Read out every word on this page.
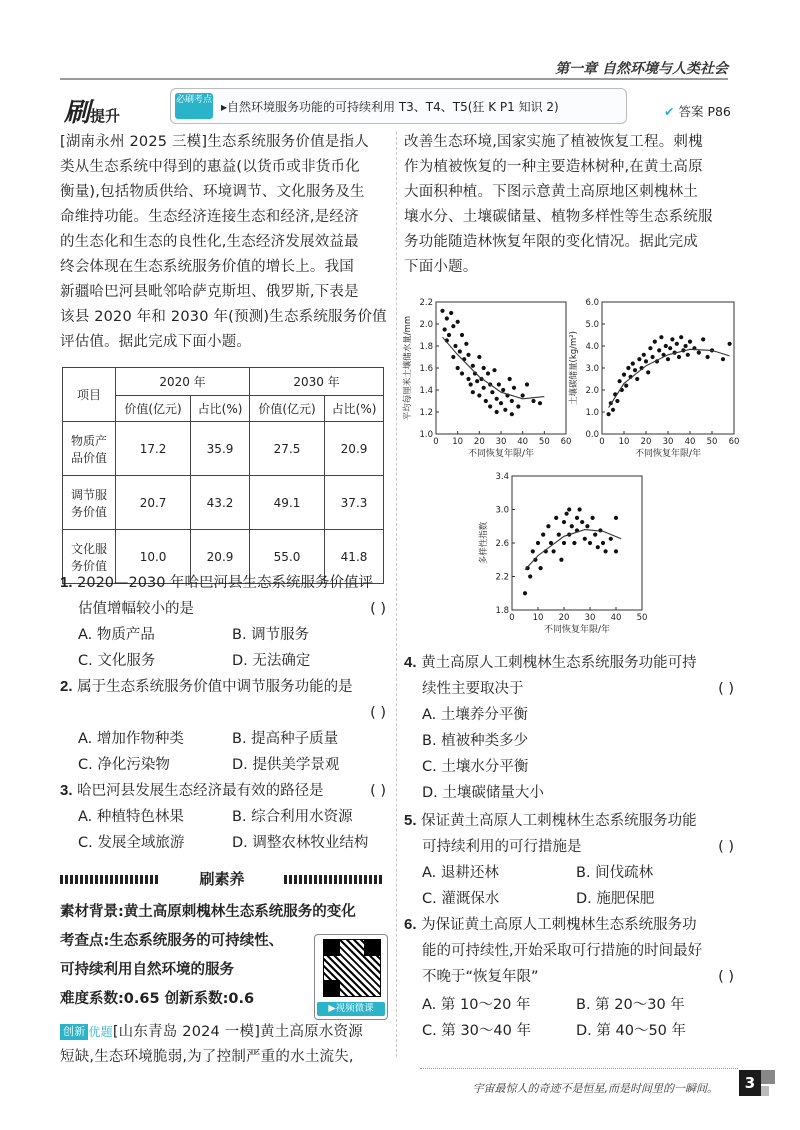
第一章 自然环境与人类社会
刷提升
必刷考点 ▸自然环境服务功能的可持续利用 T3、T4、T5(狂 K P1 知识 2)	✔ 答案 P86
[湖南永州 2025 三模]生态系统服务价值是指人
类从生态系统中得到的惠益(以货币或非货币化
衡量),包括物质供给、环境调节、文化服务及生
命维持功能。生态经济连接生态和经济,是经济
的生态化和生态的良性化,生态经济发展效益最
终会体现在生态系统服务价值的增长上。我国
新疆哈巴河县毗邻哈萨克斯坦、俄罗斯,下表是
该县 2020 年和 2030 年(预测)生态系统服务价值
评估值。据此完成下面小题。
项目	2020 年		2030 年	
	价值(亿元)	占比(%)	价值(亿元)	占比(%)
物质产
品价值	17.2	35.9	27.5	20.9
调节服
务价值	20.7	43.2	49.1	37.3
文化服
务价值	10.0	20.9	55.0	41.8
1. 2020—2030 年哈巴河县生态系统服务价值评
估值增幅较小的是	( )
A. 物质产品	B. 调节服务
C. 文化服务	D. 无法确定
2. 属于生态系统服务价值中调节服务功能的是
( )
A. 增加作物种类	B. 提高种子质量
C. 净化污染物	D. 提供美学景观
3. 哈巴河县发展生态经济最有效的路径是	( )
A. 种植特色林果	B. 综合利用水资源
C. 发展全域旅游	D. 调整农林牧业结构
刷素养
素材背景:黄土高原刺槐林生态系统服务的变化
考查点:生态系统服务的可持续性、
可持续利用自然环境的服务
难度系数:0.65 创新系数:0.6
▶视频微课
创新 优题[山东青岛 2024 一模]黄土高原水资源
短缺,生态环境脆弱,为了控制严重的水土流失,
改善生态环境,国家实施了植被恢复工程。刺槐
作为植被恢复的一种主要造林树种,在黄土高原
大面积种植。下图示意黄土高原地区刺槐林土
壤水分、土壤碳储量、植物多样性等生态系统服
务功能随造林恢复年限的变化情况。据此完成
下面小题。
0 10 20 30 40 50 60
1.0
1.2
1.4
1.6
1.8
2.0
2.2
不同恢复年限/年
平均每厘米土壤储水量/mm
0 10 20 30 40 50 60
0.0
1.0
2.0
3.0
4.0
5.0
6.0
不同恢复年限/年
土壤碳储量(kg/m²)
0 10 20 30 40 50
1.8
2.2
2.6
3.0
3.4
不同恢复年限/年
多样性指数
4. 黄土高原人工刺槐林生态系统服务功能可持
续性主要取决于	( )
A. 土壤养分平衡
B. 植被种类多少
C. 土壤水分平衡
D. 土壤碳储量大小
5. 保证黄土高原人工刺槐林生态系统服务功能
可持续利用的可行措施是	( )
A. 退耕还林	B. 间伐疏林
C. 灌溉保水	D. 施肥保肥
6. 为保证黄土高原人工刺槐林生态系统服务功
能的可持续性,开始采取可行措施的时间最好
不晚于“恢复年限”	( )
A. 第 10～20 年	B. 第 20～30 年
C. 第 30～40 年	D. 第 40～50 年
宇宙最惊人的奇迹不是恒星,而是时间里的一瞬间。	3
